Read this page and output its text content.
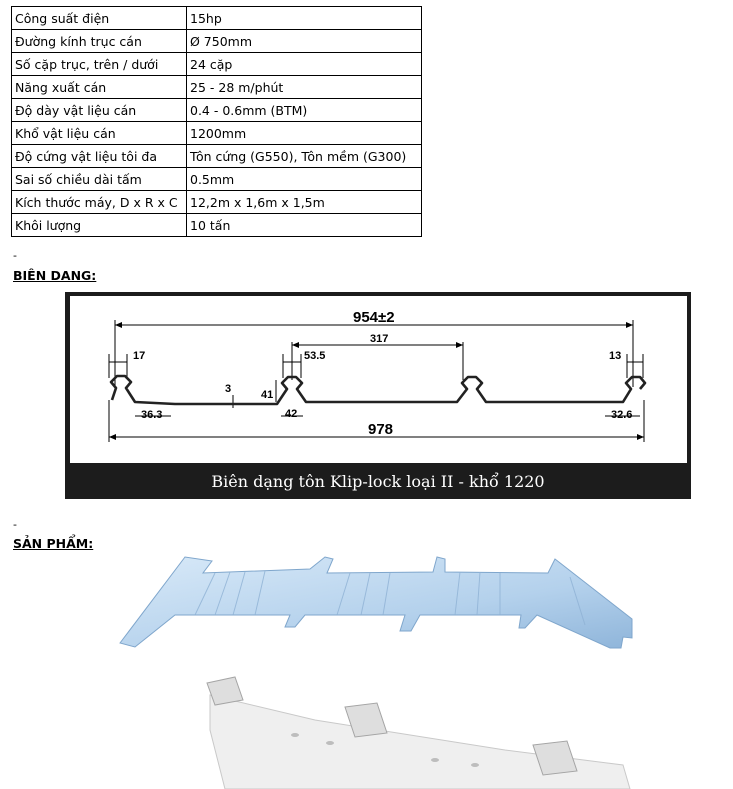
Công suất điện	15hp
Đường kính trục cán	Ø 750mm
Số cặp trục, trên / dưới	24 cặp
Năng xuất cán	25 - 28 m/phút
Độ dày vật liệu cán	0.4 - 0.6mm (BTM)
Khổ vật liệu cán	1200mm
Độ cứng vật liệu tôi đa	Tôn cứng (G550), Tôn mềm (G300)
Sai số chiều dài tấm	0.5mm
Kích thước máy, D x R x C	12,2m x 1,6m x 1,5m
Khôi lượng	10 tấn
-
BIÊN DANG:
954±2
317
17	53.5	13
3	41
36.3	42	32.6
978
Biên dạng tôn Klip-lock loại II - khổ 1220
-
SẢN PHẨM:
